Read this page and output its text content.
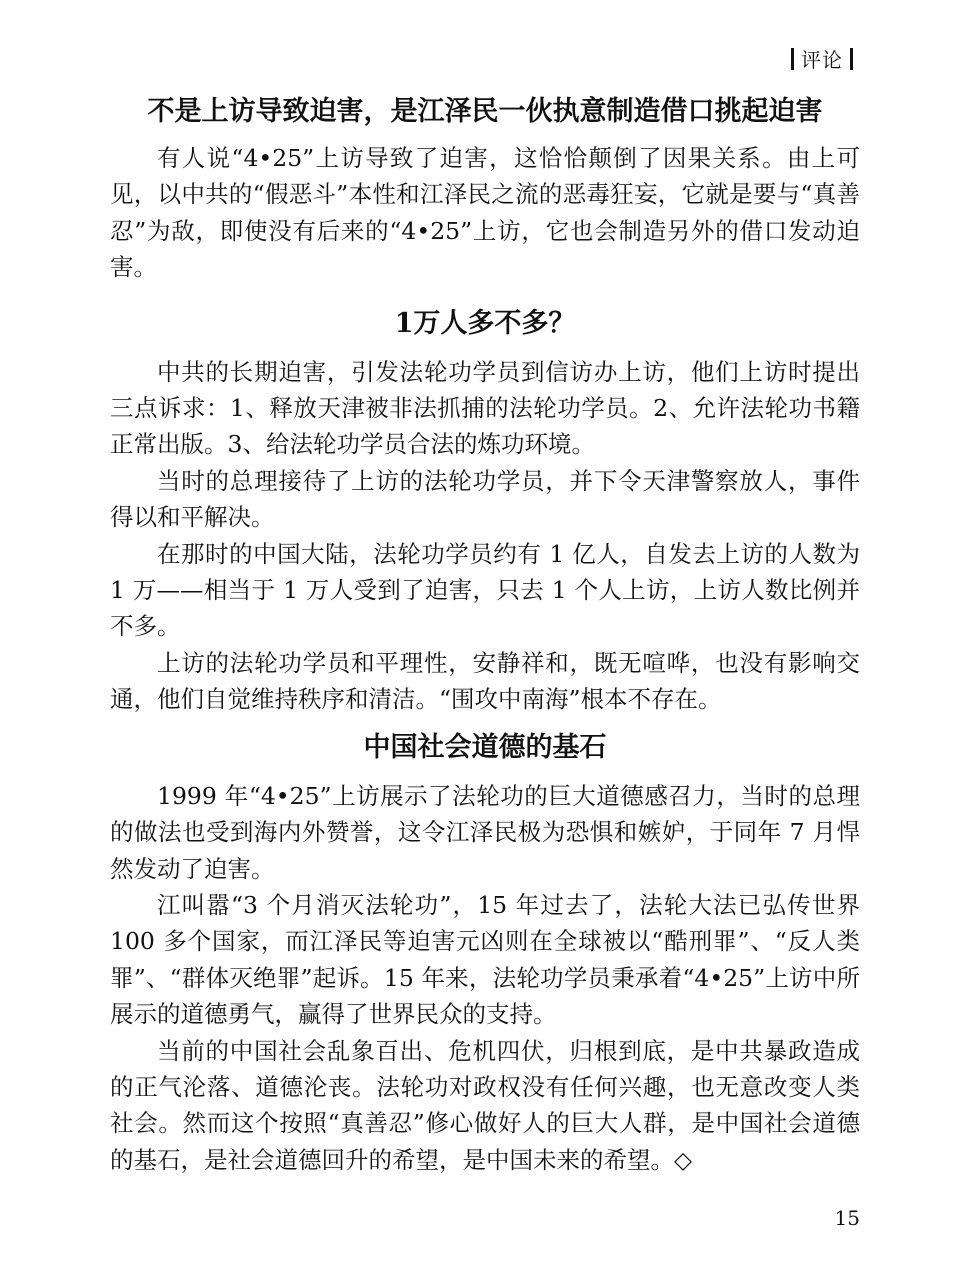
评论
不是上访导致迫害，是江泽民一伙执意制造借口挑起迫害

有人说“4•25”上访导致了迫害，这恰恰颠倒了因果关系。由上可见，以中共的“假恶斗”本性和江泽民之流的恶毒狂妄，它就是要与“真善忍”为敌，即使没有后来的“4•25”上访，它也会制造另外的借口发动迫害。

1万人多不多？

中共的长期迫害，引发法轮功学员到信访办上访，他们上访时提出三点诉求：1、释放天津被非法抓捕的法轮功学员。2、允许法轮功书籍正常出版。3、给法轮功学员合法的炼功环境。

当时的总理接待了上访的法轮功学员，并下令天津警察放人，事件得以和平解决。

在那时的中国大陆，法轮功学员约有 1 亿人，自发去上访的人数为 1 万——相当于 1 万人受到了迫害，只去 1 个人上访，上访人数比例并不多。

上访的法轮功学员和平理性，安静祥和，既无喧哗，也没有影响交通，他们自觉维持秩序和清洁。“围攻中南海”根本不存在。

中国社会道德的基石

1999 年“4•25”上访展示了法轮功的巨大道德感召力，当时的总理的做法也受到海内外赞誉，这令江泽民极为恐惧和嫉妒，于同年 7 月悍然发动了迫害。

江叫嚣“3 个月消灭法轮功”，15 年过去了，法轮大法已弘传世界 100 多个国家，而江泽民等迫害元凶则在全球被以“酷刑罪”、“反人类罪”、“群体灭绝罪”起诉。15 年来，法轮功学员秉承着“4•25”上访中所展示的道德勇气，赢得了世界民众的支持。

当前的中国社会乱象百出、危机四伏，归根到底，是中共暴政造成的正气沦落、道德沦丧。法轮功对政权没有任何兴趣，也无意改变人类社会。然而这个按照“真善忍”修心做好人的巨大人群，是中国社会道德的基石，是社会道德回升的希望，是中国未来的希望。◇

15
